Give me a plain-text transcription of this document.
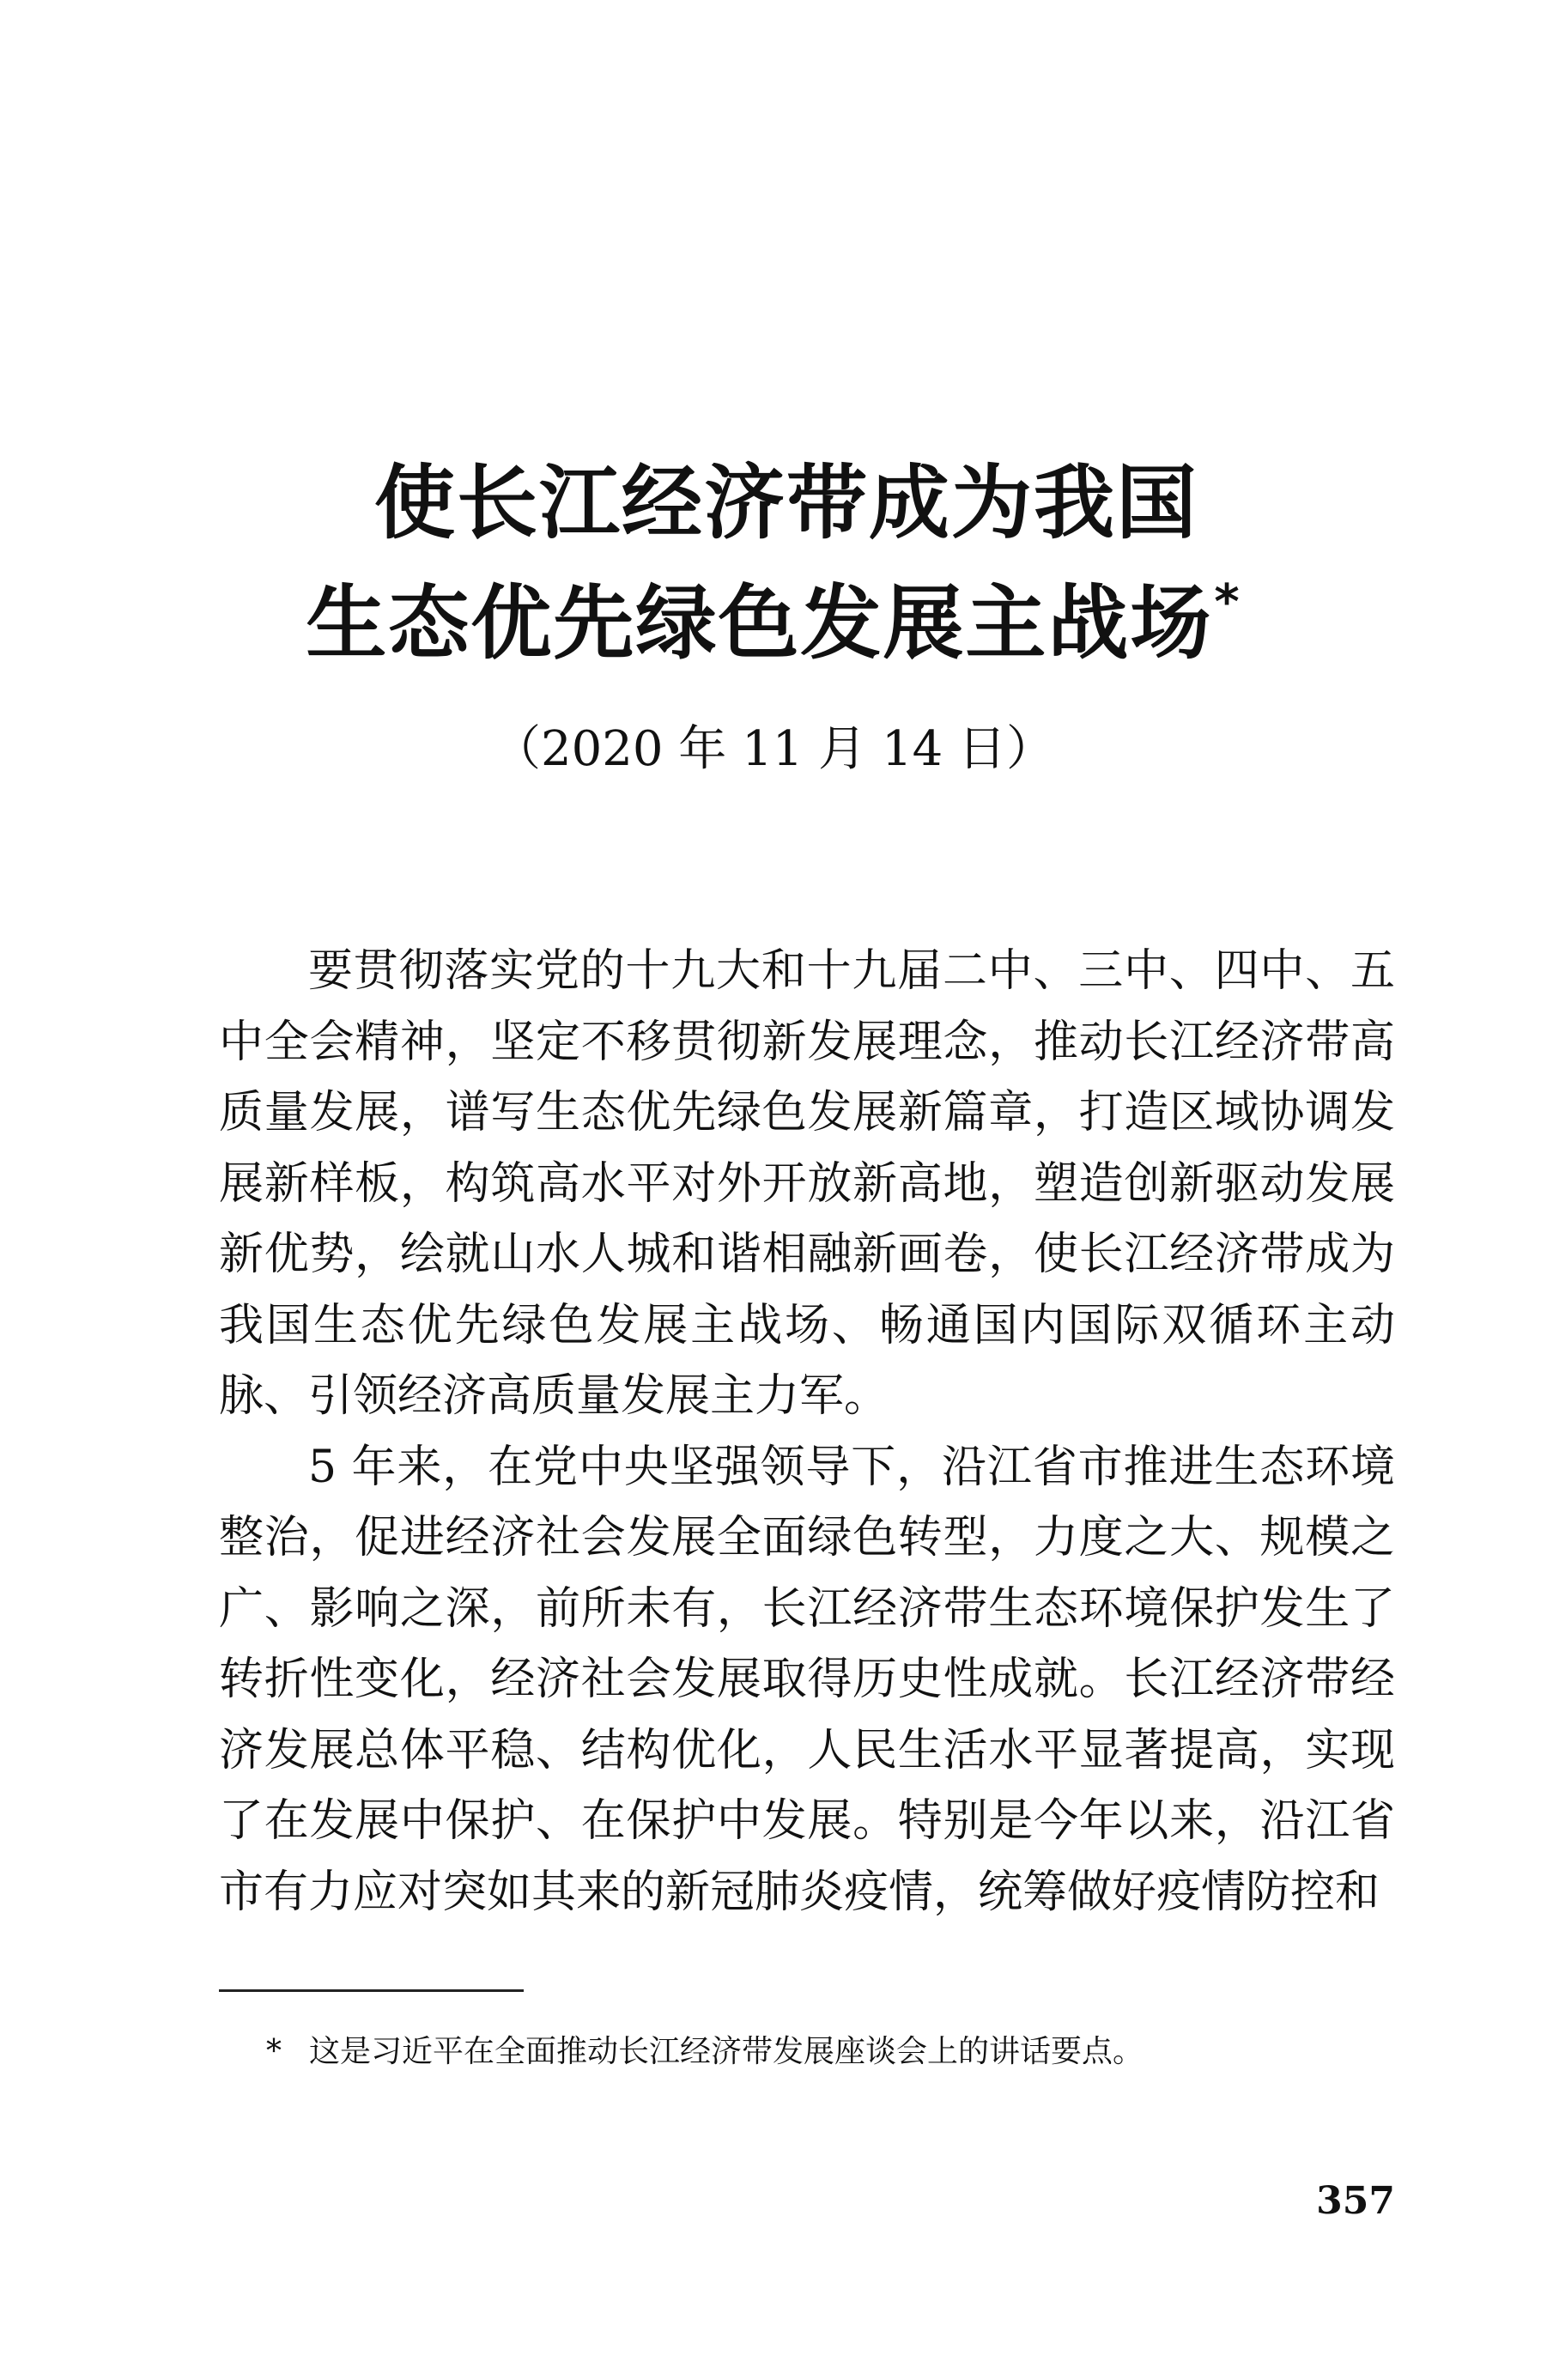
使长江经济带成为我国
生态优先绿色发展主战场*
（2020 年 11 月 14 日）

要贯彻落实党的十九大和十九届二中、三中、四中、五中全会精神，坚定不移贯彻新发展理念，推动长江经济带高质量发展，谱写生态优先绿色发展新篇章，打造区域协调发展新样板，构筑高水平对外开放新高地，塑造创新驱动发展新优势，绘就山水人城和谐相融新画卷，使长江经济带成为我国生态优先绿色发展主战场、畅通国内国际双循环主动脉、引领经济高质量发展主力军。

5 年来，在党中央坚强领导下，沿江省市推进生态环境整治，促进经济社会发展全面绿色转型，力度之大、规模之广、影响之深，前所未有，长江经济带生态环境保护发生了转折性变化，经济社会发展取得历史性成就。长江经济带经济发展总体平稳、结构优化，人民生活水平显著提高，实现了在发展中保护、在保护中发展。特别是今年以来，沿江省市有力应对突如其来的新冠肺炎疫情，统筹做好疫情防控和

* 这是习近平在全面推动长江经济带发展座谈会上的讲话要点。
357
